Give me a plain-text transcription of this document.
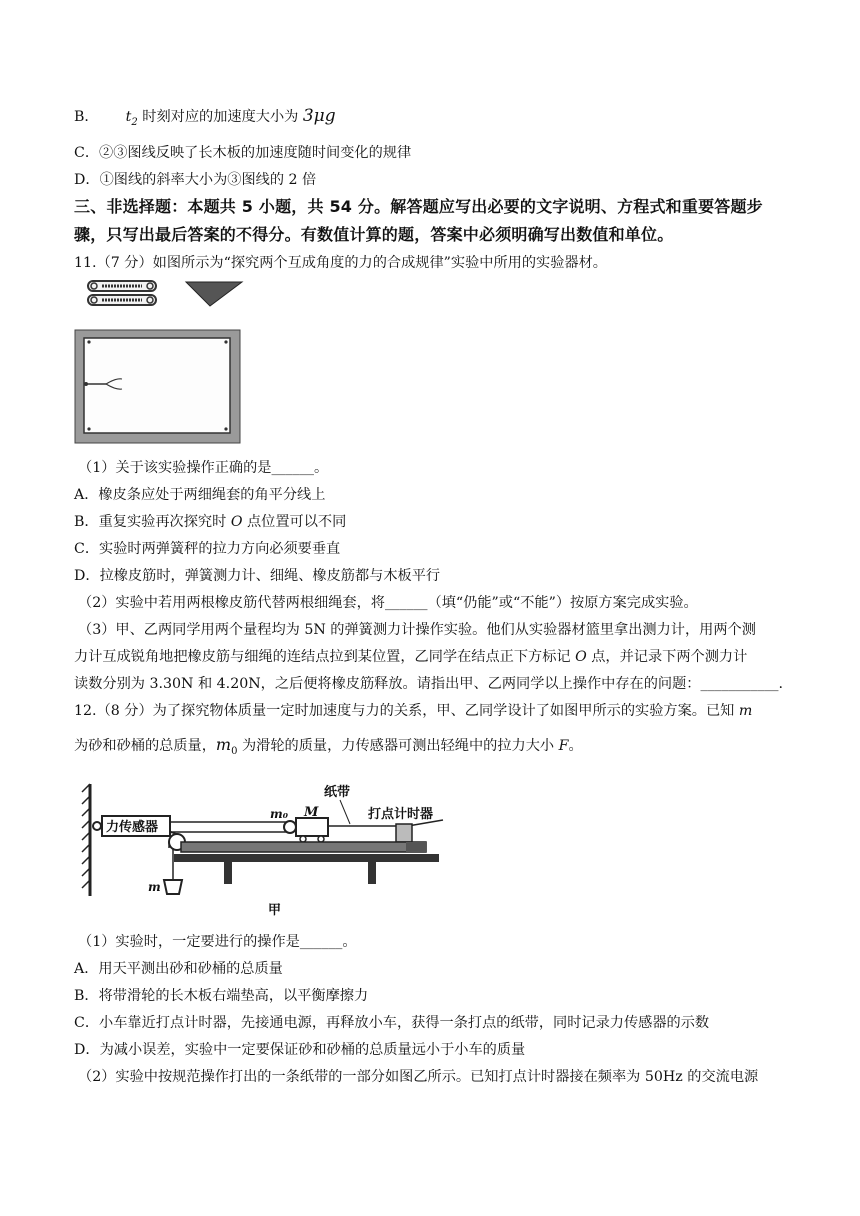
B． $t_2$ 时刻对应的加速度大小为 3μg
C．②③图线反映了长木板的加速度随时间变化的规律
D．①图线的斜率大小为③图线的 2 倍
三、非选择题：本题共 5 小题，共 54 分。解答题应写出必要的文字说明、方程式和重要答题步
骤，只写出最后答案的不得分。有数值计算的题，答案中必须明确写出数值和单位。
11.（7 分）如图所示为“探究两个互成角度的力的合成规律”实验中所用的实验器材。
（1）关于该实验操作正确的是______。
A．橡皮条应处于两细绳套的角平分线上
B．重复实验再次探究时 O 点位置可以不同
C．实验时两弹簧秤的拉力方向必须要垂直
D．拉橡皮筋时，弹簧测力计、细绳、橡皮筋都与木板平行
（2）实验中若用两根橡皮筋代替两根细绳套，将______（填“仍能”或“不能”）按原方案完成实验。
（3）甲、乙两同学用两个量程均为 5N 的弹簧测力计操作实验。他们从实验器材篮里拿出测力计，用两个测
力计互成锐角地把橡皮筋与细绳的连结点拉到某位置，乙同学在结点正下方标记 O 点，并记录下两个测力计
读数分别为 3.30N 和 4.20N，之后便将橡皮筋释放。请指出甲、乙两同学以上操作中存在的问题：___________.
12.（8 分）为了探究物体质量一定时加速度与力的关系，甲、乙同学设计了如图甲所示的实验方案。已知 m
为砂和砂桶的总质量，$m_0$ 为滑轮的质量，力传感器可测出轻绳中的拉力大小 F。
力传感器
m
m₀ M
纸带
打点计时器
甲
（1）实验时，一定要进行的操作是______。
A．用天平测出砂和砂桶的总质量
B．将带滑轮的长木板右端垫高，以平衡摩擦力
C．小车靠近打点计时器，先接通电源，再释放小车，获得一条打点的纸带，同时记录力传感器的示数
D．为减小误差，实验中一定要保证砂和砂桶的总质量远小于小车的质量
（2）实验中按规范操作打出的一条纸带的一部分如图乙所示。已知打点计时器接在频率为 50Hz 的交流电源
